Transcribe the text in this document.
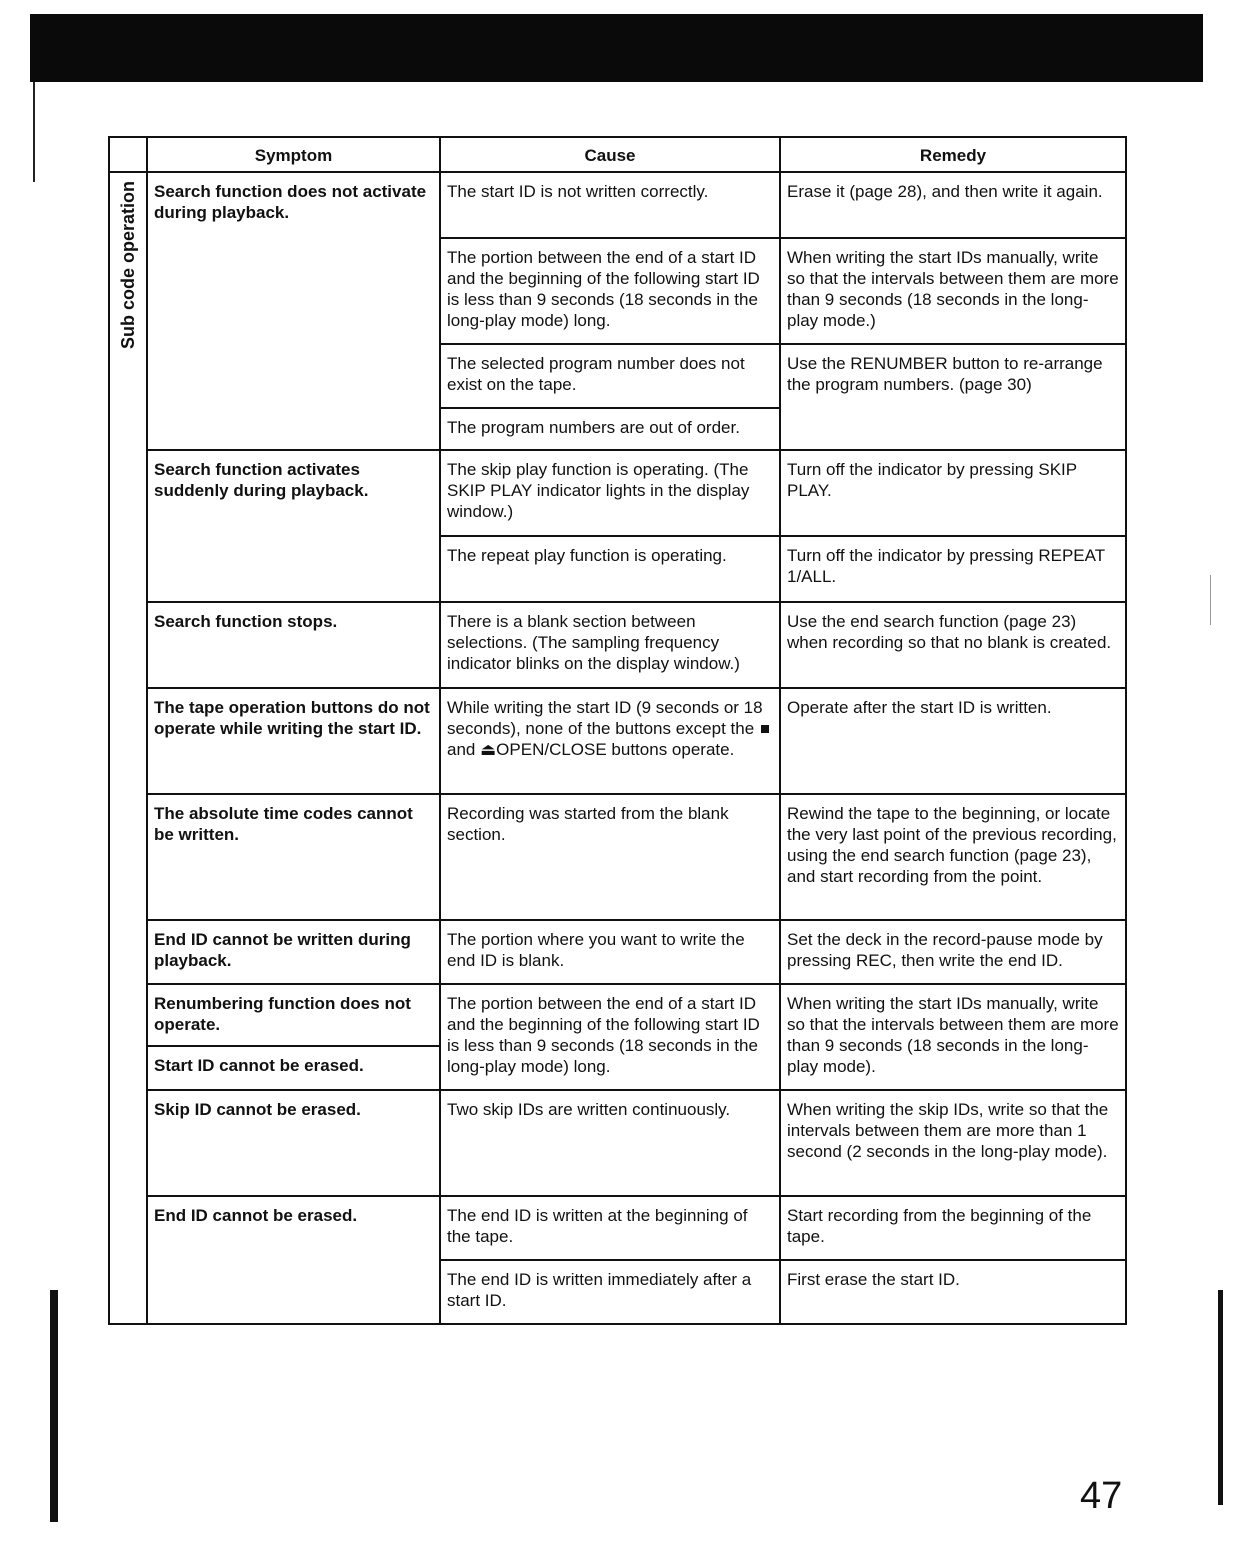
	Symptom	Cause	Remedy
Sub code operation	Search function does not activate during playback.	The start ID is not written correctly.	Erase it (page 28), and then write it again.
		The portion between the end of a start ID and the beginning of the following start ID is less than 9 seconds (18 seconds in the long-play mode) long.	When writing the start IDs manually, write so that the intervals between them are more than 9 seconds (18 seconds in the long-play mode.)
		The selected program number does not exist on the tape.	Use the RENUMBER button to re-arrange the program numbers. (page 30)
		The program numbers are out of order.	
	Search function activates suddenly during playback.	The skip play function is operating. (The SKIP PLAY indicator lights in the display window.)	Turn off the indicator by pressing SKIP PLAY.
		The repeat play function is operating.	Turn off the indicator by pressing REPEAT 1/ALL.
	Search function stops.	There is a blank section between selections. (The sampling frequency indicator blinks on the display window.)	Use the end search function (page 23) when recording so that no blank is created.
	The tape operation buttons do not operate while writing the start ID.	While writing the start ID (9 seconds or 18 seconds), none of the buttons except the  and ⏏OPEN/CLOSE buttons operate.	Operate after the start ID is written.
	The absolute time codes cannot be written.	Recording was started from the blank section.	Rewind the tape to the beginning, or locate the very last point of the previous recording, using the end search function (page 23), and start recording from the point.
	End ID cannot be written during playback.	The portion where you want to write the end ID is blank.	Set the deck in the record-pause mode by pressing REC, then write the end ID.
	Renumbering function does not operate.	The portion between the end of a start ID and the beginning of the following start ID is less than 9 seconds (18 seconds in the long-play mode) long.	When writing the start IDs manually, write so that the intervals between them are more than 9 seconds (18 seconds in the long-play mode).
	Start ID cannot be erased.		
	Skip ID cannot be erased.	Two skip IDs are written continuously.	When writing the skip IDs, write so that the intervals between them are more than 1 second (2 seconds in the long-play mode).
	End ID cannot be erased.	The end ID is written at the beginning of the tape.	Start recording from the beginning of the tape.
		The end ID is written immediately after a start ID.	First erase the start ID.
47
